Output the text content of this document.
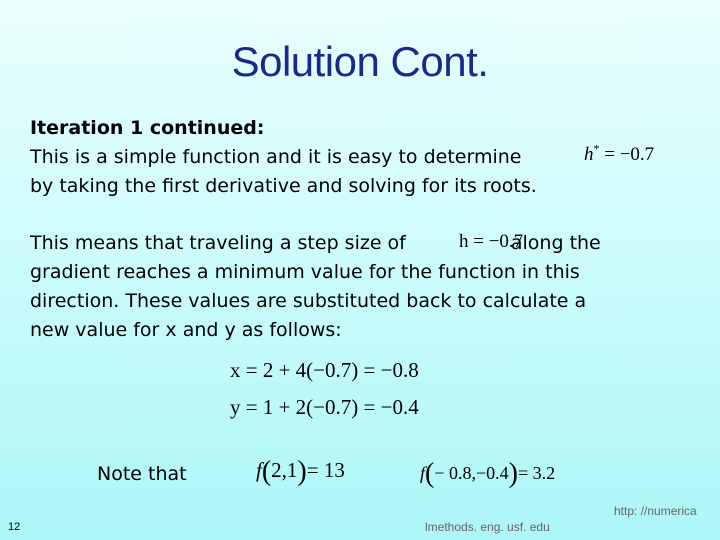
Solution Cont.

Iteration 1 continued:

This is a simple function and it is easy to determine

by taking the first derivative and solving for its roots.

h* = −0.7

This means that traveling a step size of	along the

gradient reaches a minimum value for the function in this

direction. These values are substituted back to calculate a

new value for x and y as follows:

h = −0.7
x = 2 + 4(−0.7) = −0.8
y = 1 + 2(−0.7) = −0.4
Note that	f(2,1)= 13	f(− 0.8,−0.4)= 3.2
12
http: //numerica
lmethods. eng. usf. edu
